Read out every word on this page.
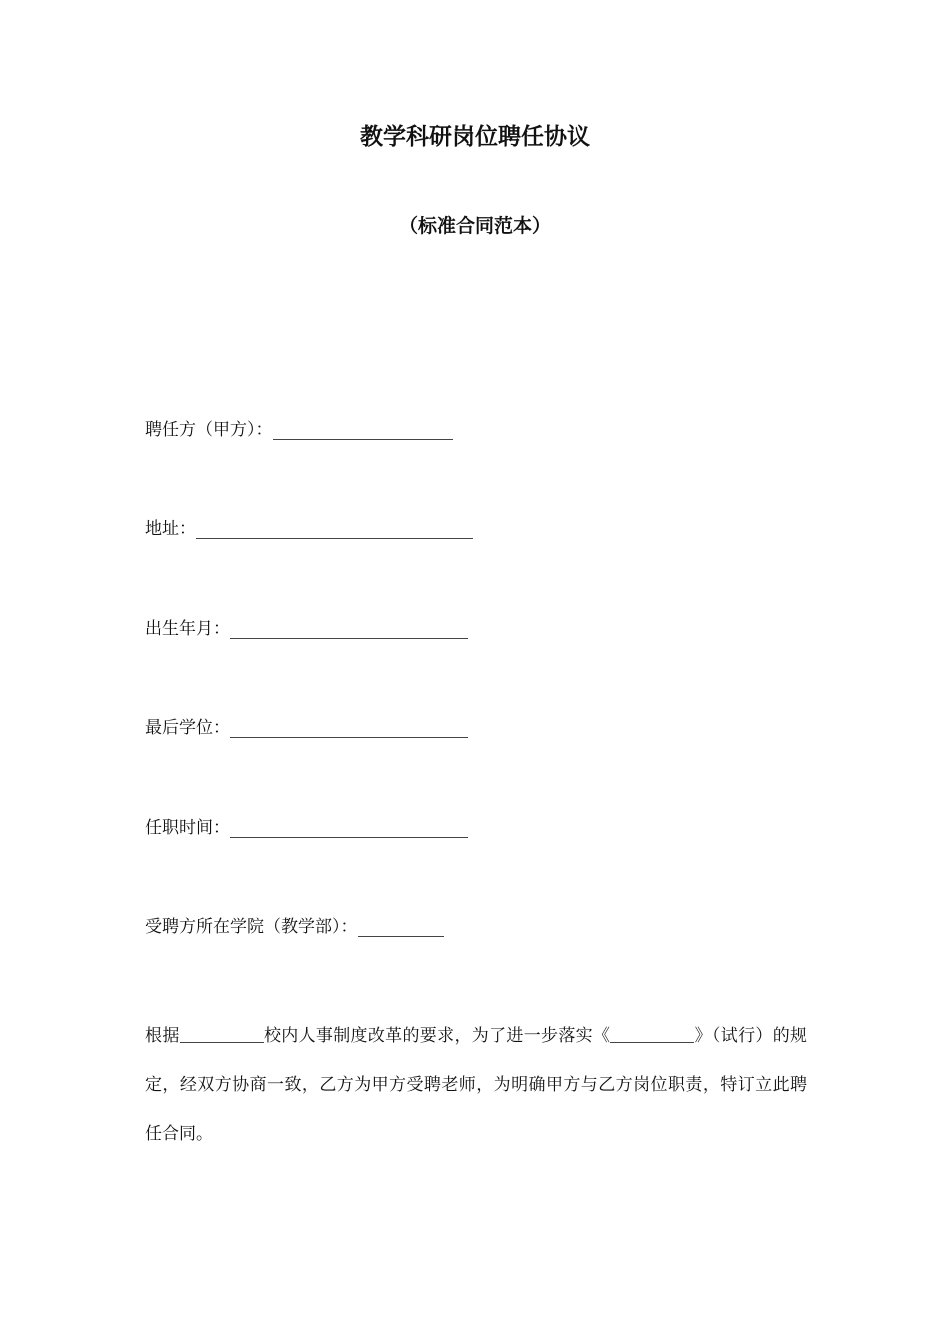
教学科研岗位聘任协议
（标准合同范本）
聘任方（甲方）：
地址：
出生年月：
最后学位：
任职时间：
受聘方所在学院（教学部）：
根据	校内人事制度改革的要求，为了进一步落实《	》（试行）的规定，经双方协商一致，乙方为甲方受聘老师，为明确甲方与乙方岗位职责，特订立此聘任合同。
